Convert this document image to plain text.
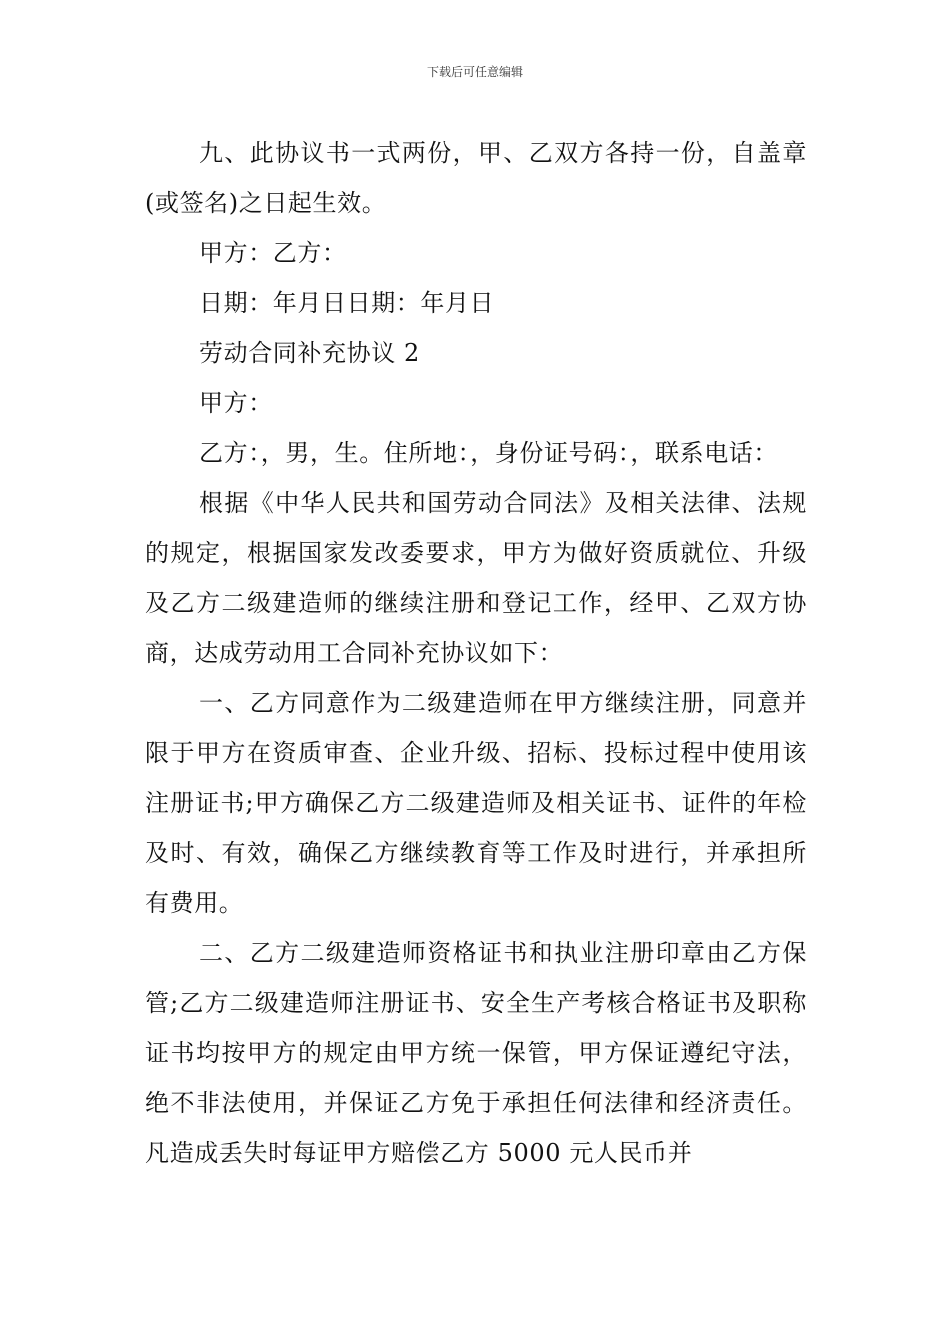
下载后可任意编辑

九、此协议书一式两份，甲、乙双方各持一份，自盖章(或签名)之日起生效。

甲方：乙方：

日期：年月日日期：年月日

劳动合同补充协议 2

甲方：

乙方：，男，生。住所地：，身份证号码：，联系电话：

根据《中华人民共和国劳动合同法》及相关法律、法规的规定，根据国家发改委要求，甲方为做好资质就位、升级及乙方二级建造师的继续注册和登记工作，经甲、乙双方协商，达成劳动用工合同补充协议如下：

一、乙方同意作为二级建造师在甲方继续注册，同意并限于甲方在资质审查、企业升级、招标、投标过程中使用该注册证书;甲方确保乙方二级建造师及相关证书、证件的年检及时、有效，确保乙方继续教育等工作及时进行，并承担所有费用。

二、乙方二级建造师资格证书和执业注册印章由乙方保管;乙方二级建造师注册证书、安全生产考核合格证书及职称证书均按甲方的规定由甲方统一保管，甲方保证遵纪守法，绝不非法使用，并保证乙方免于承担任何法律和经济责任。凡造成丢失时每证甲方赔偿乙方 5000 元人民币并
